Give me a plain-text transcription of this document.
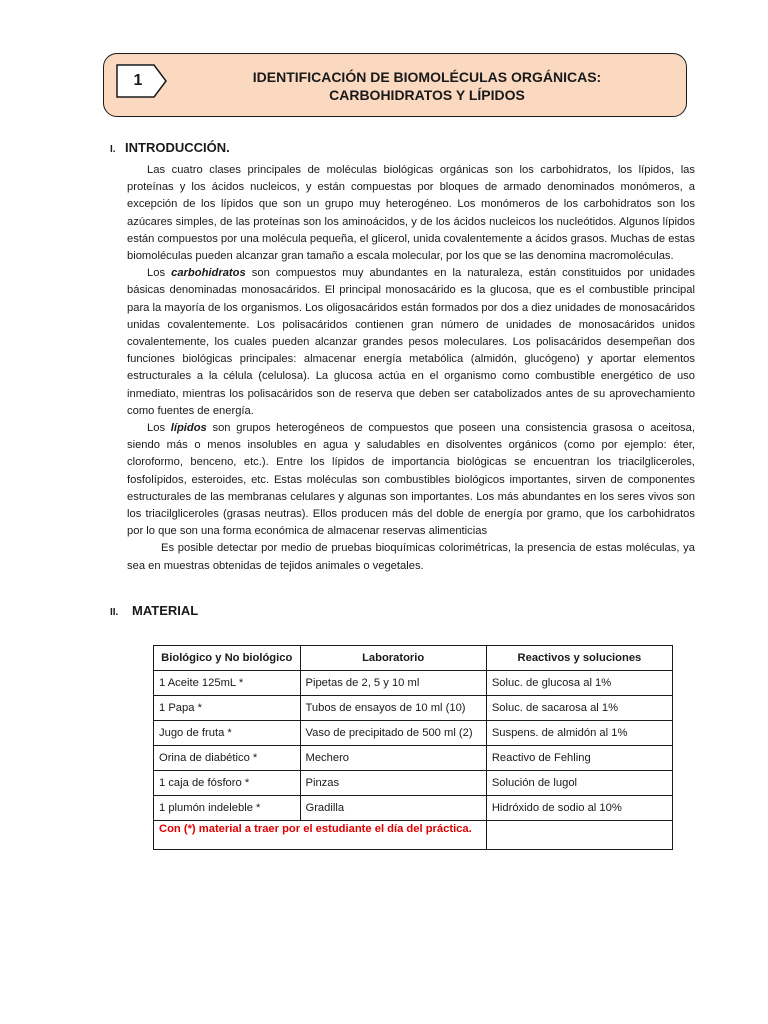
1	IDENTIFICACIÓN DE BIOMOLÉCULAS ORGÁNICAS:
CARBOHIDRATOS Y LÍPIDOS
I. INTRODUCCIÓN.

Las cuatro clases principales de moléculas biológicas orgánicas son los carbohidratos, los lípidos, las proteínas y los ácidos nucleicos, y están compuestas por bloques de armado denominados monómeros, a excepción de los lípidos que son un grupo muy heterogéneo. Los monómeros de los carbohidratos son los azúcares simples, de las proteínas son los aminoácidos, y de los ácidos nucleicos los nucleótidos. Algunos lípidos están compuestos por una molécula pequeña, el glicerol, unida covalentemente a ácidos grasos. Muchas de estas biomoléculas pueden alcanzar gran tamaño a escala molecular, por los que se las denomina macromoléculas.

Los carbohidratos son compuestos muy abundantes en la naturaleza, están constituidos por unidades básicas denominadas monosacáridos. El principal monosacárido es la glucosa, que es el combustible principal para la mayoría de los organismos. Los oligosacáridos están formados por dos a diez unidades de monosacáridos unidas covalentemente. Los polisacáridos contienen gran número de unidades de monosacáridos unidos covalentemente, los cuales pueden alcanzar grandes pesos moleculares. Los polisacáridos desempeñan dos funciones biológicas principales: almacenar energía metabólica (almidón, glucógeno) y aportar elementos estructurales a la célula (celulosa). La glucosa actúa en el organismo como combustible energético de uso inmediato, mientras los polisacáridos son de reserva que deben ser catabolizados antes de su aprovechamiento como fuentes de energía.

Los lípidos son grupos heterogéneos de compuestos que poseen una consistencia grasosa o aceitosa, siendo más o menos insolubles en agua y saludables en disolventes orgánicos (como por ejemplo: éter, cloroformo, benceno, etc.). Entre los lípidos de importancia biológicas se encuentran los triacilgliceroles, fosfolípidos, esteroides, etc. Estas moléculas son combustibles biológicos importantes, sirven de componentes estructurales de las membranas celulares y algunas son importantes. Los más abundantes en los seres vivos son los triacilgliceroles (grasas neutras). Ellos producen más del doble de energía por gramo, que los carbohidratos por lo que son una forma económica de almacenar reservas alimenticias

Es posible detectar por medio de pruebas bioquímicas colorimétricas, la presencia de estas moléculas, ya sea en muestras obtenidas de tejidos animales o vegetales.

II. MATERIAL
Biológico y No biológico	Laboratorio	Reactivos y soluciones
1 Aceite 125mL *	Pipetas de 2, 5 y 10 ml	Soluc. de glucosa al 1%
1 Papa *	Tubos de ensayos de 10 ml (10)	Soluc. de sacarosa al 1%
Jugo de fruta *	Vaso de precipitado de 500 ml (2)	Suspens. de almidón al 1%
Orina de diabético *	Mechero	Reactivo de Fehling
1 caja de fósforo *	Pinzas	Solución de lugol
1 plumón indeleble *	Gradilla	Hidróxido de sodio al 10%
Con (*) material a traer por el estudiante el día del práctica.		
